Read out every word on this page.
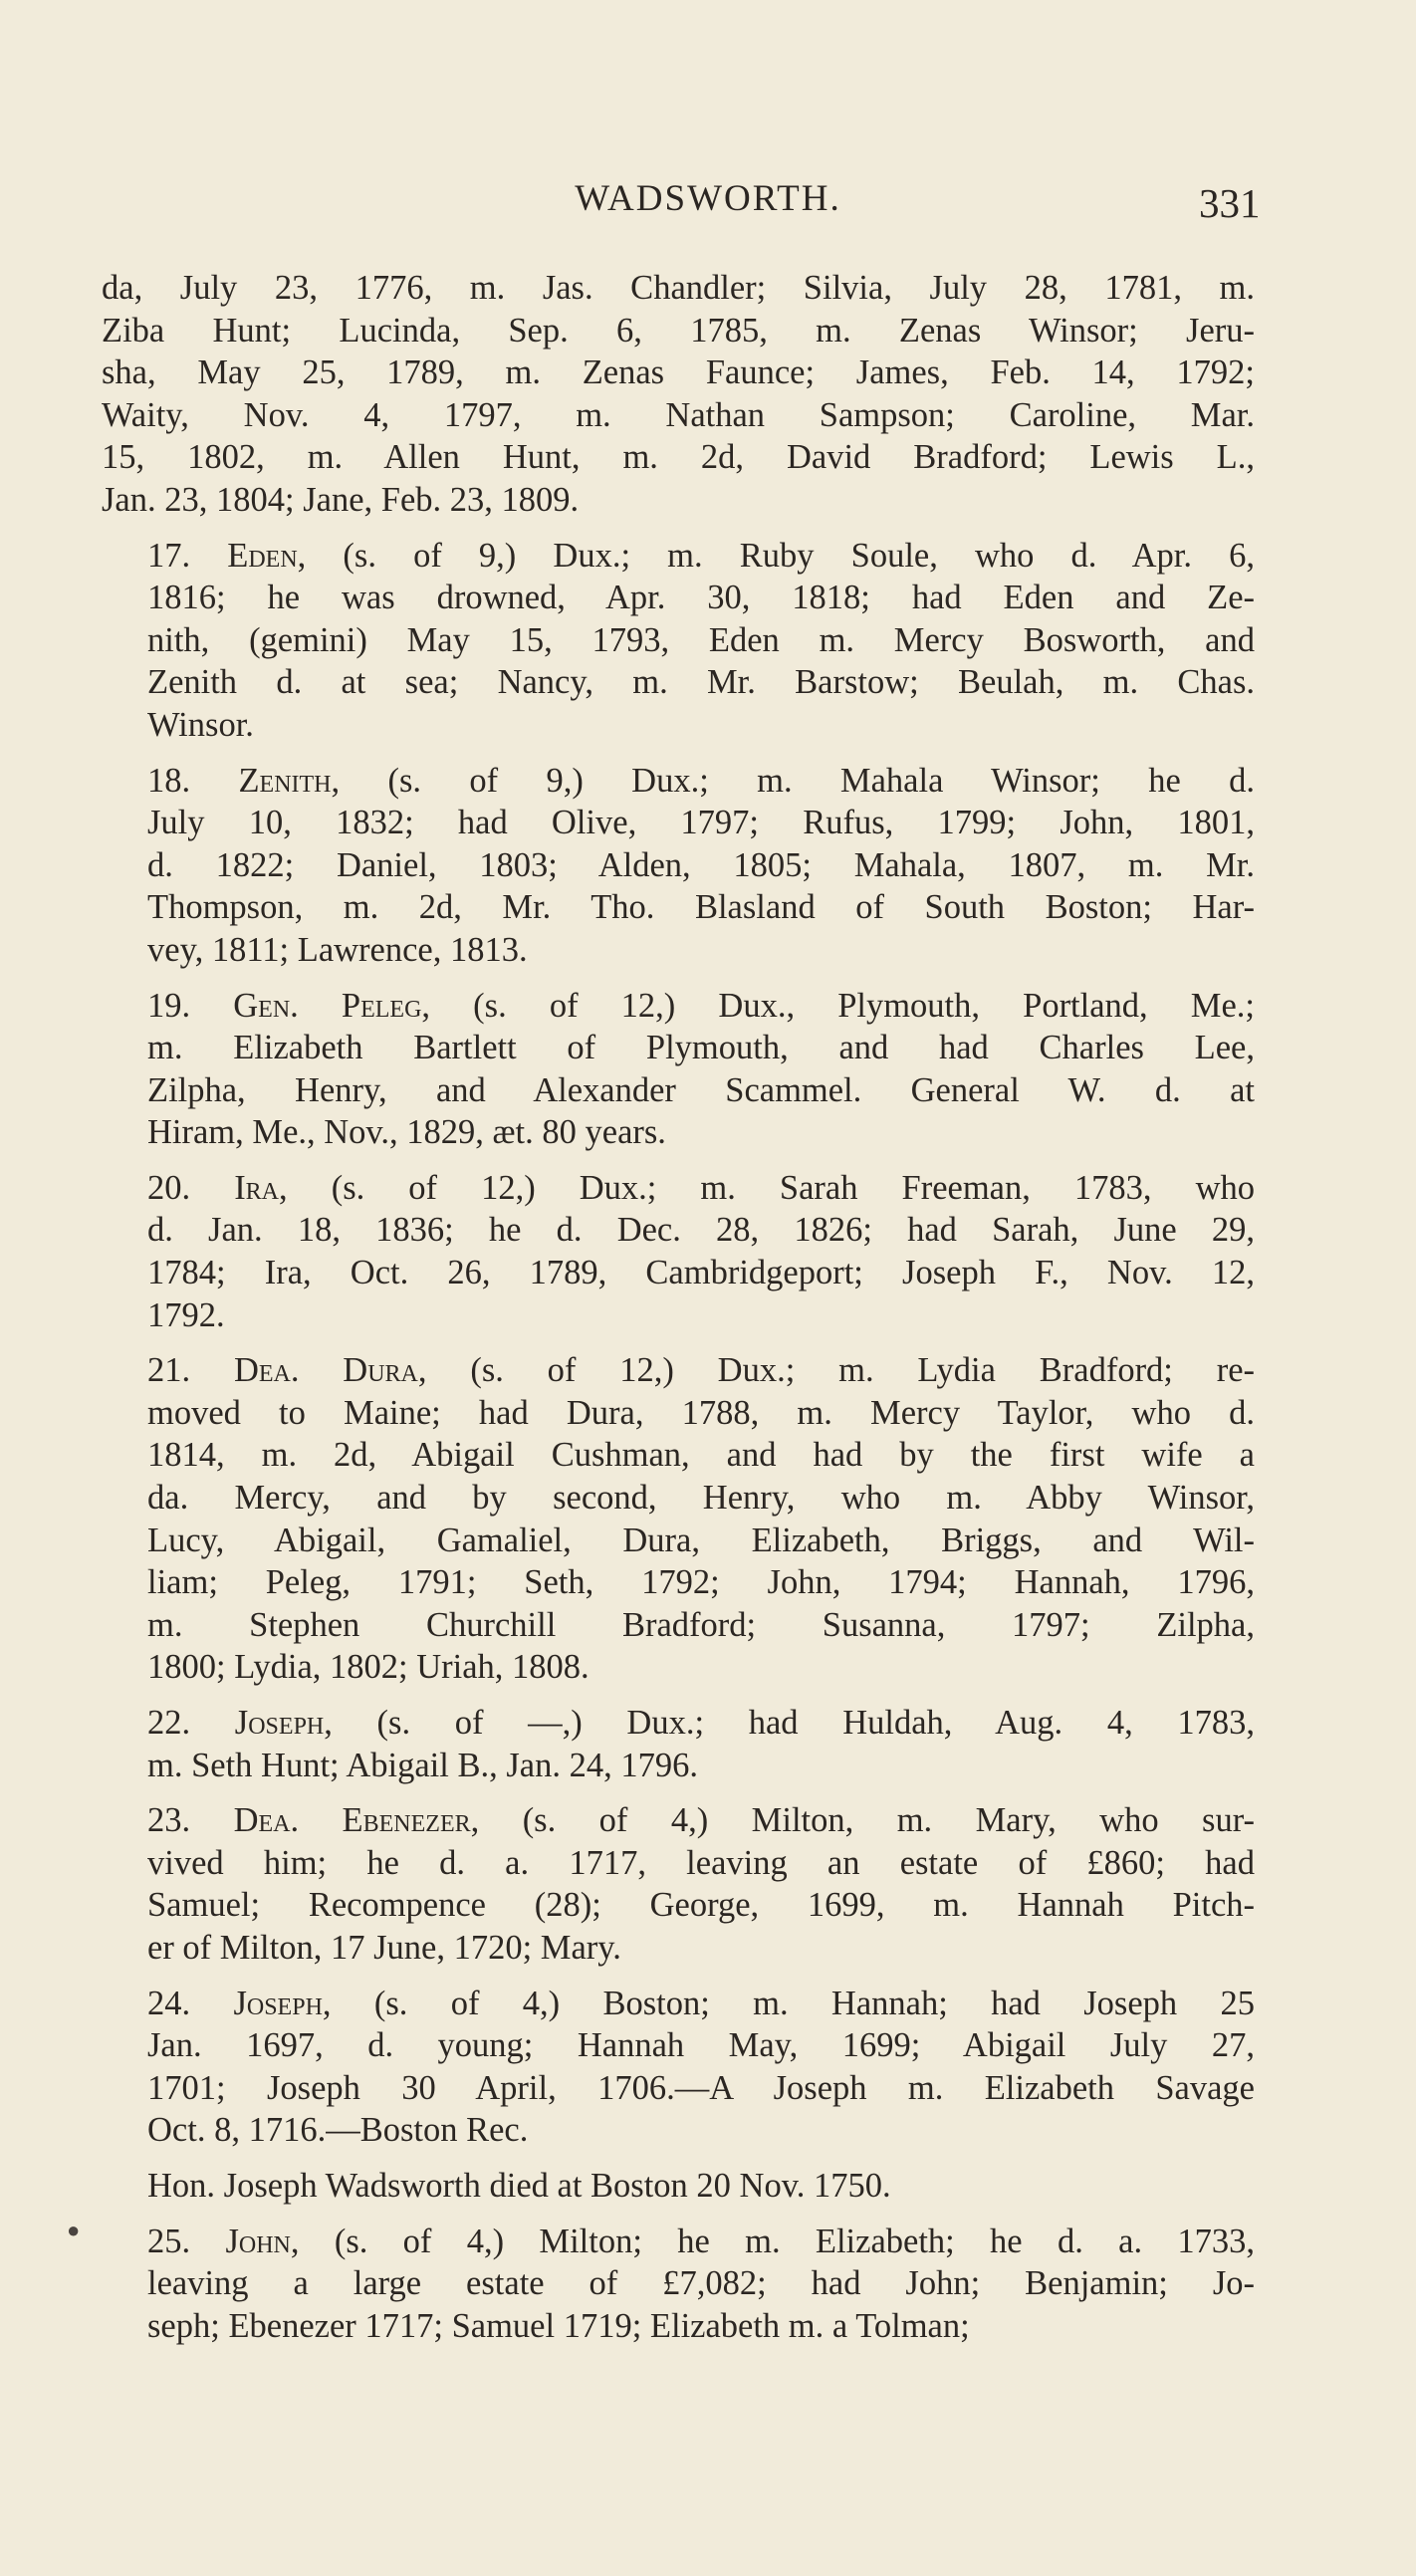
WADSWORTH.	331
da, July 23, 1776, m. Jas. Chandler; Silvia, July 28, 1781, m.
Ziba Hunt; Lucinda, Sep. 6, 1785, m. Zenas Winsor; Jeru-
sha, May 25, 1789, m. Zenas Faunce; James, Feb. 14, 1792;
Waity, Nov. 4, 1797, m. Nathan Sampson; Caroline, Mar.
15, 1802, m. Allen Hunt, m. 2d, David Bradford; Lewis L.,
Jan. 23, 1804; Jane, Feb. 23, 1809.
17. Eden, (s. of 9,) Dux.; m. Ruby Soule, who d. Apr. 6,
1816; he was drowned, Apr. 30, 1818; had Eden and Ze-
nith, (gemini) May 15, 1793, Eden m. Mercy Bosworth, and
Zenith d. at sea; Nancy, m. Mr. Barstow; Beulah, m. Chas.
Winsor.
18. Zenith, (s. of 9,) Dux.; m. Mahala Winsor; he d.
July 10, 1832; had Olive, 1797; Rufus, 1799; John, 1801,
d. 1822; Daniel, 1803; Alden, 1805; Mahala, 1807, m. Mr.
Thompson, m. 2d, Mr. Tho. Blasland of South Boston; Har-
vey, 1811; Lawrence, 1813.
19. Gen. Peleg, (s. of 12,) Dux., Plymouth, Portland, Me.;
m. Elizabeth Bartlett of Plymouth, and had Charles Lee,
Zilpha, Henry, and Alexander Scammel. General W. d. at
Hiram, Me., Nov., 1829, æt. 80 years.
20. Ira, (s. of 12,) Dux.; m. Sarah Freeman, 1783, who
d. Jan. 18, 1836; he d. Dec. 28, 1826; had Sarah, June 29,
1784; Ira, Oct. 26, 1789, Cambridgeport; Joseph F., Nov. 12,
1792.
21. Dea. Dura, (s. of 12,) Dux.; m. Lydia Bradford; re-
moved to Maine; had Dura, 1788, m. Mercy Taylor, who d.
1814, m. 2d, Abigail Cushman, and had by the first wife a
da. Mercy, and by second, Henry, who m. Abby Winsor,
Lucy, Abigail, Gamaliel, Dura, Elizabeth, Briggs, and Wil-
liam; Peleg, 1791; Seth, 1792; John, 1794; Hannah, 1796,
m. Stephen Churchill Bradford; Susanna, 1797; Zilpha,
1800; Lydia, 1802; Uriah, 1808.
22. Joseph, (s. of —,) Dux.; had Huldah, Aug. 4, 1783,
m. Seth Hunt; Abigail B., Jan. 24, 1796.
23. Dea. Ebenezer, (s. of 4,) Milton, m. Mary, who sur-
vived him; he d. a. 1717, leaving an estate of £860; had
Samuel; Recompence (28); George, 1699, m. Hannah Pitch-
er of Milton, 17 June, 1720; Mary.
24. Joseph, (s. of 4,) Boston; m. Hannah; had Joseph 25
Jan. 1697, d. young; Hannah May, 1699; Abigail July 27,
1701; Joseph 30 April, 1706.—A Joseph m. Elizabeth Savage
Oct. 8, 1716.—Boston Rec.
Hon. Joseph Wadsworth died at Boston 20 Nov. 1750.
25. John, (s. of 4,) Milton; he m. Elizabeth; he d. a. 1733,
leaving a large estate of £7,082; had John; Benjamin; Jo-
seph; Ebenezer 1717; Samuel 1719; Elizabeth m. a Tolman;
●
